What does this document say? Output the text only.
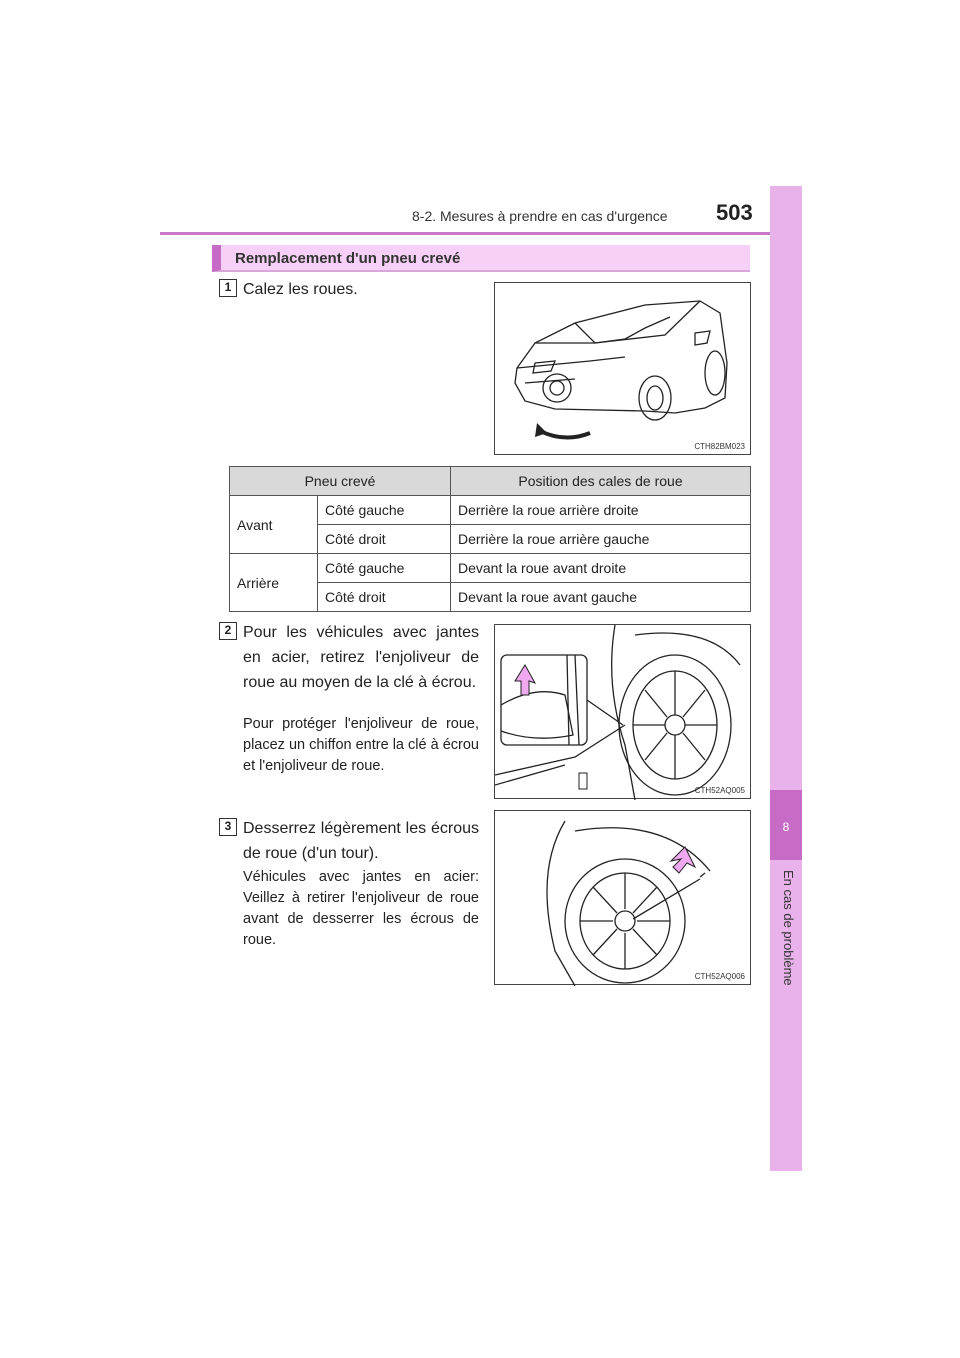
8-2. Mesures à prendre en cas d'urgence 503
8
En cas de problème
Remplacement d'un pneu crevé
1 Calez les roues.
CTH82BM023
Pneu crevé		Position des cales de roue
Avant	Côté gauche	Derrière la roue arrière droite
	Côté droit	Derrière la roue arrière gauche
Arrière	Côté gauche	Devant la roue avant droite
	Côté droit	Devant la roue avant gauche
2 Pour les véhicules avec jantes en acier, retirez l'enjoliveur de roue au moyen de la clé à écrou.
Pour protéger l'enjoliveur de roue, placez un chiffon entre la clé à écrou et l'enjoliveur de roue.
CTH52AQ005
3 Desserrez légèrement les écrous de roue (d'un tour).
Véhicules avec jantes en acier: Veillez à retirer l'enjoliveur de roue avant de desserrer les écrous de roue.
CTH52AQ006
